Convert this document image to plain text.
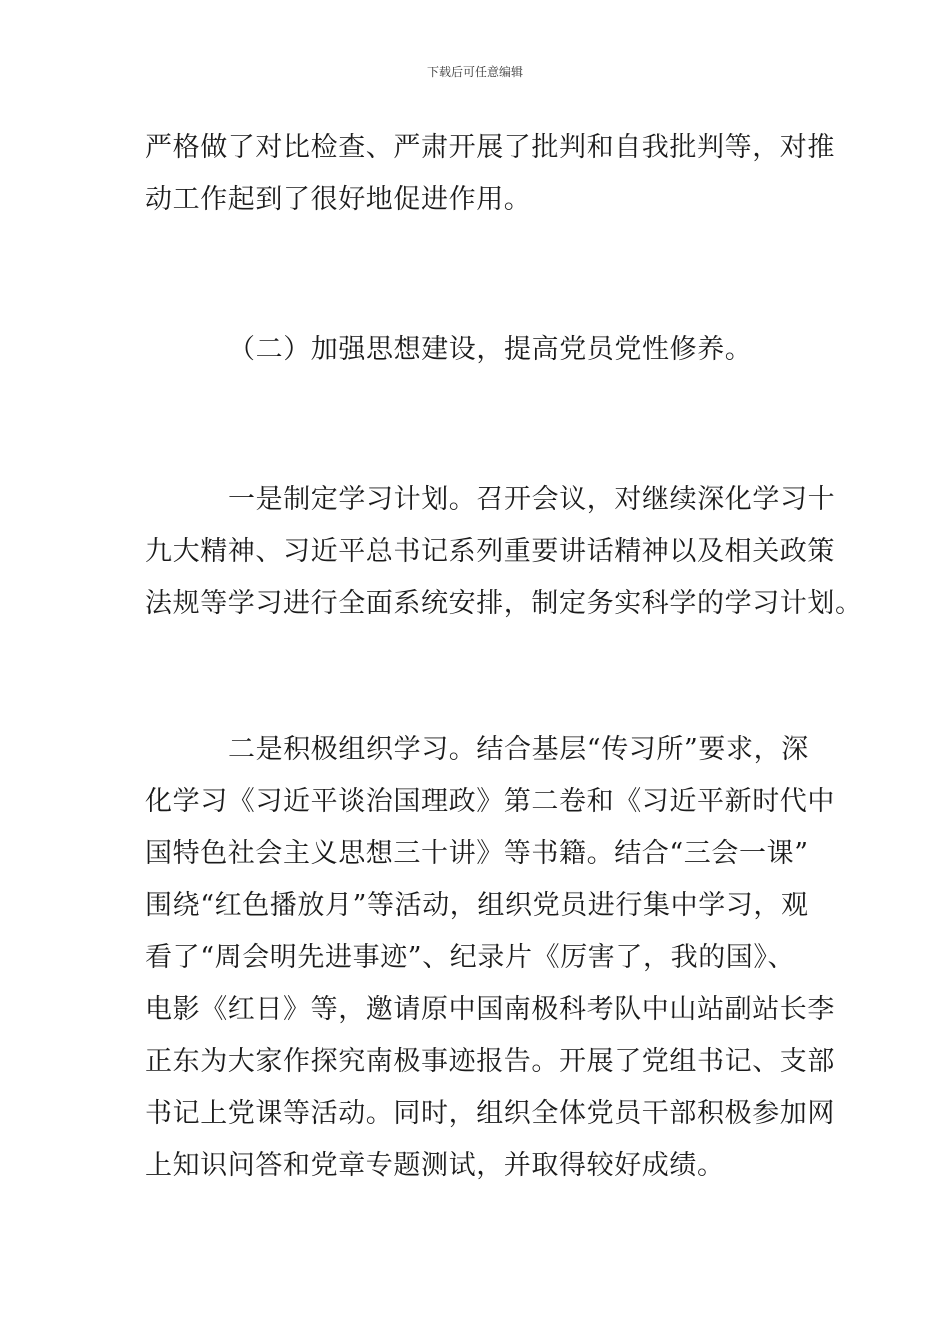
下载后可任意编辑
严格做了对比检查、严肃开展了批判和自我批判等，对推
动工作起到了很好地促进作用。
（二）加强思想建设，提高党员党性修养。
一是制定学习计划。召开会议，对继续深化学习十
九大精神、习近平总书记系列重要讲话精神以及相关政策
法规等学习进行全面系统安排，制定务实科学的学习计划。
二是积极组织学习。结合基层“传习所”要求，深
化学习《习近平谈治国理政》第二卷和《习近平新时代中
国特色社会主义思想三十讲》等书籍。结合“三会一课”
围绕“红色播放月”等活动，组织党员进行集中学习，观
看了“周会明先进事迹”、纪录片《厉害了，我的国》、
电影《红日》等，邀请原中国南极科考队中山站副站长李
正东为大家作探究南极事迹报告。开展了党组书记、支部
书记上党课等活动。同时，组织全体党员干部积极参加网
上知识问答和党章专题测试，并取得较好成绩。
